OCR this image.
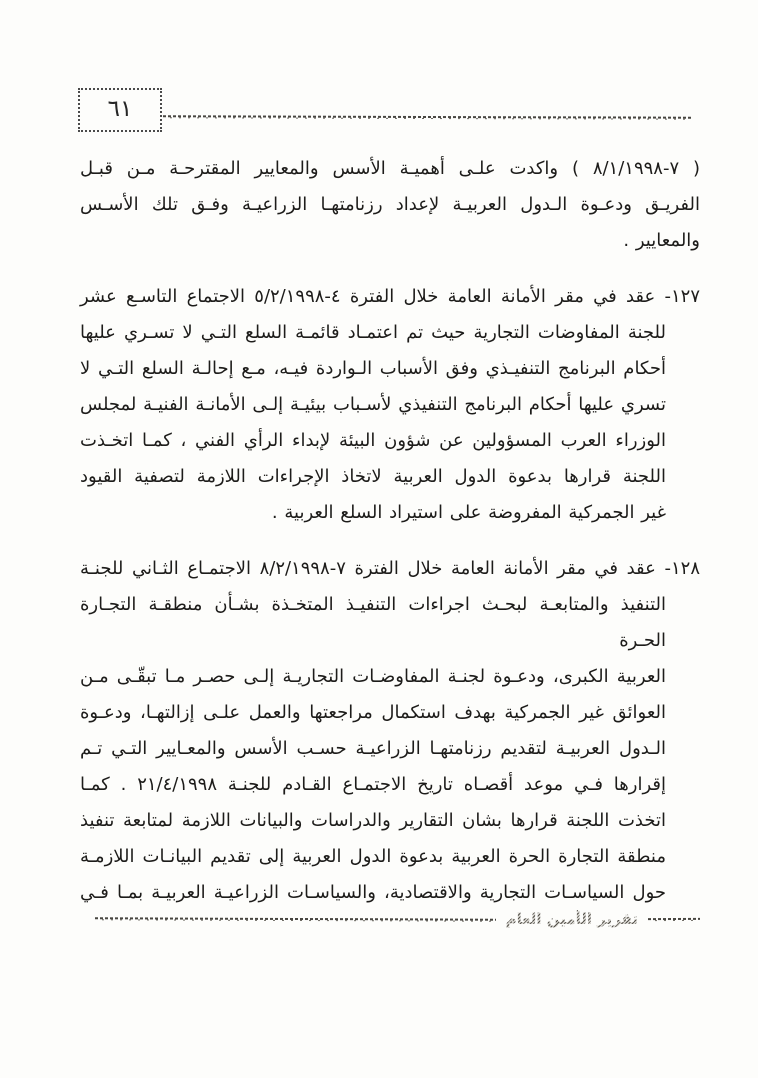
٦١
( ٧-٨/١/١٩٩٨ ) واكدت علـى أهميـة الأسس والمعايير المقترحـة مـن قبـل
الفريـق ودعـوة الـدول العربيـة لإعداد رزنامتهـا الزراعيـة وفـق تلك الأسـس
والمعايير .
١٢٧- عقد في مقر الأمانة العامة خلال الفترة ٤-٥/٢/١٩٩٨ الاجتماع التاسـع عشر
للجنة المفاوضات التجارية حيث تم اعتمـاد قائمـة السلع التـي لا تسـري عليها
أحكام البرنامج التنفيـذي وفق الأسباب الـواردة فيـه، مـع إحالـة السلع التـي لا
تسري عليها أحكام البرنامج التنفيذي لأسـباب بيئيـة إلـى الأمانـة الفنيـة لمجلس
الوزراء العرب المسؤولين عن شؤون البيئة لإبداء الرأي الفني ، كمـا اتخـذت
اللجنة قرارها بدعوة الدول العربية لاتخاذ الإجراءات اللازمة لتصفية القيود
غير الجمركية المفروضة على استيراد السلع العربية .
١٢٨- عقد في مقر الأمانة العامة خلال الفترة ٧-٨/٢/١٩٩٨ الاجتمـاع الثـاني للجنـة
التنفيذ والمتابعـة لبحـث اجراءات التنفيـذ المتخـذة بشـأن منطقـة التجـارة الحـرة
العربية الكبرى، ودعـوة لجنـة المفاوضـات التجاريـة إلـى حصـر مـا تبقّـى مـن
العوائق غير الجمركية بهدف استكمال مراجعتها والعمل علـى إزالتهـا، ودعـوة
الـدول العربيـة لتقديم رزنامتهـا الزراعيـة حسـب الأسس والمعـايير التـي تـم
إقرارها فـي موعد أقصـاه تاريخ الاجتمـاع القـادم للجنـة ٢١/٤/١٩٩٨ . كمـا
اتخذت اللجنة قرارها بشان التقارير والدراسات والبيانات اللازمة لمتابعة تنفيذ
منطقة التجارة الحرة العربية بدعوة الدول العربية إلى تقديم البيانـات اللازمـة
حول السياسـات التجارية والاقتصادية، والسياسـات الزراعيـة العربيـة بمـا فـي
تقرير الأمين العام
